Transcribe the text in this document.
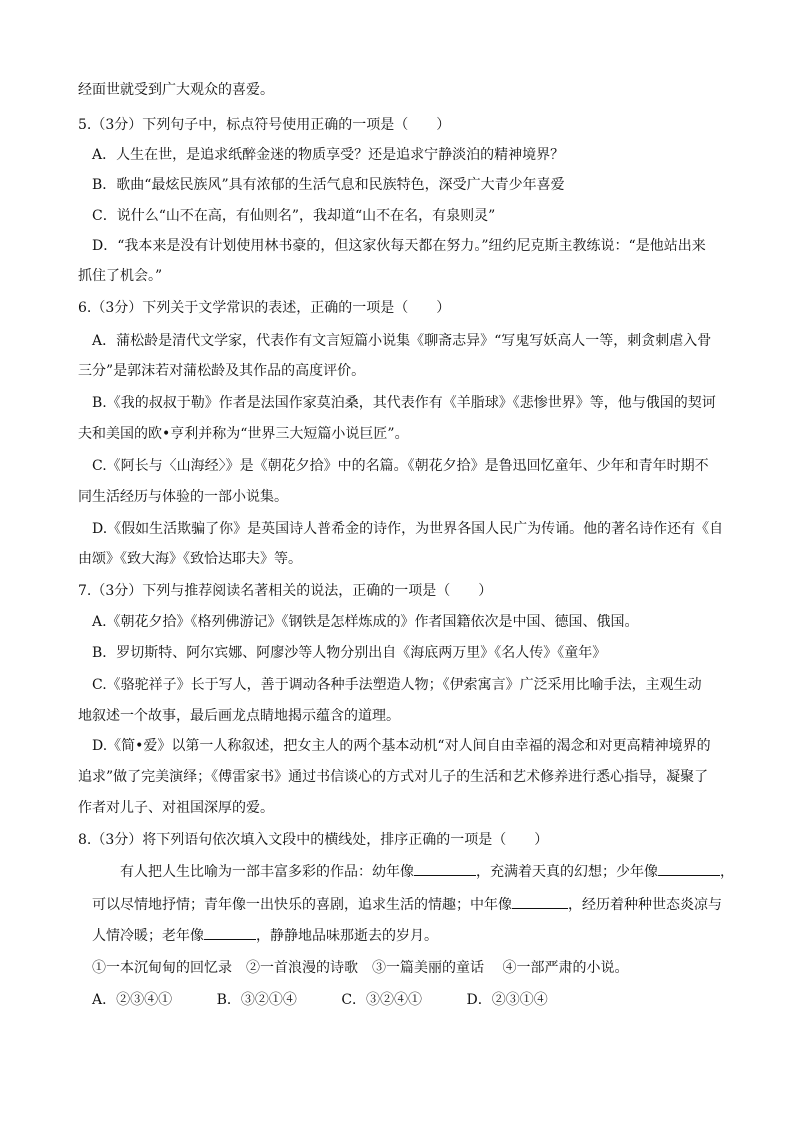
经面世就受到广大观众的喜爱。
5.（3分）下列句子中，标点符号使用正确的一项是（　　）
A．人生在世，是追求纸醉金迷的物质享受？还是追求宁静淡泊的精神境界？
B．歌曲“最炫民族风”具有浓郁的生活气息和民族特色，深受广大青少年喜爱
C．说什么“山不在高，有仙则名”，我却道“山不在名，有泉则灵”
D．“我本来是没有计划使用林书豪的，但这家伙每天都在努力。”纽约尼克斯主教练说：“是他站出来
抓住了机会。”
6.（3分）下列关于文学常识的表述，正确的一项是（　　）
A．蒲松龄是清代文学家，代表作有文言短篇小说集《聊斋志异》“写鬼写妖高人一等，刺贪刺虐入骨
三分”是郭沫若对蒲松龄及其作品的高度评价。
B.《我的叔叔于勒》作者是法国作家莫泊桑，其代表作有《羊脂球》《悲惨世界》等，他与俄国的契诃
夫和美国的欧•亨利并称为“世界三大短篇小说巨匠”。
C.《阿长与〈山海经〉》是《朝花夕拾》中的名篇。《朝花夕拾》是鲁迅回忆童年、少年和青年时期不
同生活经历与体验的一部小说集。
D.《假如生活欺骗了你》是英国诗人普希金的诗作，为世界各国人民广为传诵。他的著名诗作还有《自
由颂》《致大海》《致恰达耶夫》等。
7.（3分）下列与推荐阅读名著相关的说法，正确的一项是（　　）
A.《朝花夕拾》《格列佛游记》《钢铁是怎样炼成的》作者国籍依次是中国、德国、俄国。
B．罗切斯特、阿尔宾娜、阿廖沙等人物分别出自《海底两万里》《名人传》《童年》
C.《骆驼祥子》长于写人，善于调动各种手法塑造人物；《伊索寓言》广泛采用比喻手法，主观生动
地叙述一个故事，最后画龙点睛地揭示蕴含的道理。
D.《简•爱》以第一人称叙述，把女主人的两个基本动机“对人间自由幸福的渴念和对更高精神境界的
追求”做了完美演绎；《傅雷家书》通过书信谈心的方式对儿子的生活和艺术修养进行悉心指导，凝聚了
作者对儿子、对祖国深厚的爱。
8.（3分）将下列语句依次填入文段中的横线处，排序正确的一项是（　　）
有人把人生比喻为一部丰富多彩的作品：幼年像	，充满着天真的幻想；少年像	，
可以尽情地抒情；青年像一出快乐的喜剧，追求生活的情趣；中年像	，经历着种种世态炎凉与
人情冷暖；老年像	，静静地品味那逝去的岁月。
①一本沉甸甸的回忆录　②一首浪漫的诗歌　③一篇美丽的童话　 ④一部严肃的小说。
A．②③④①	B．③②①④	C．③②④①	D．②③①④
